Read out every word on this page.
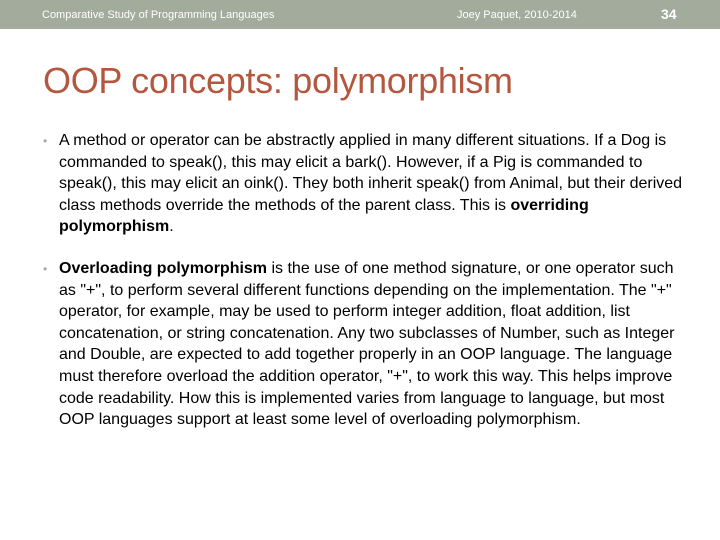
Comparative Study of Programming Languages	Joey Paquet, 2010-2014	34
OOP concepts: polymorphism
• A method or operator can be abstractly applied in many different situations. If a Dog is commanded to speak(), this may elicit a bark(). However, if a Pig is commanded to speak(), this may elicit an oink(). They both inherit speak() from Animal, but their derived class methods override the methods of the parent class. This is overriding polymorphism.
• Overloading polymorphism is the use of one method signature, or one operator such as "+", to perform several different functions depending on the implementation. The "+" operator, for example, may be used to perform integer addition, float addition, list concatenation, or string concatenation. Any two subclasses of Number, such as Integer and Double, are expected to add together properly in an OOP language. The language must therefore overload the addition operator, "+", to work this way. This helps improve code readability. How this is implemented varies from language to language, but most OOP languages support at least some level of overloading polymorphism.
